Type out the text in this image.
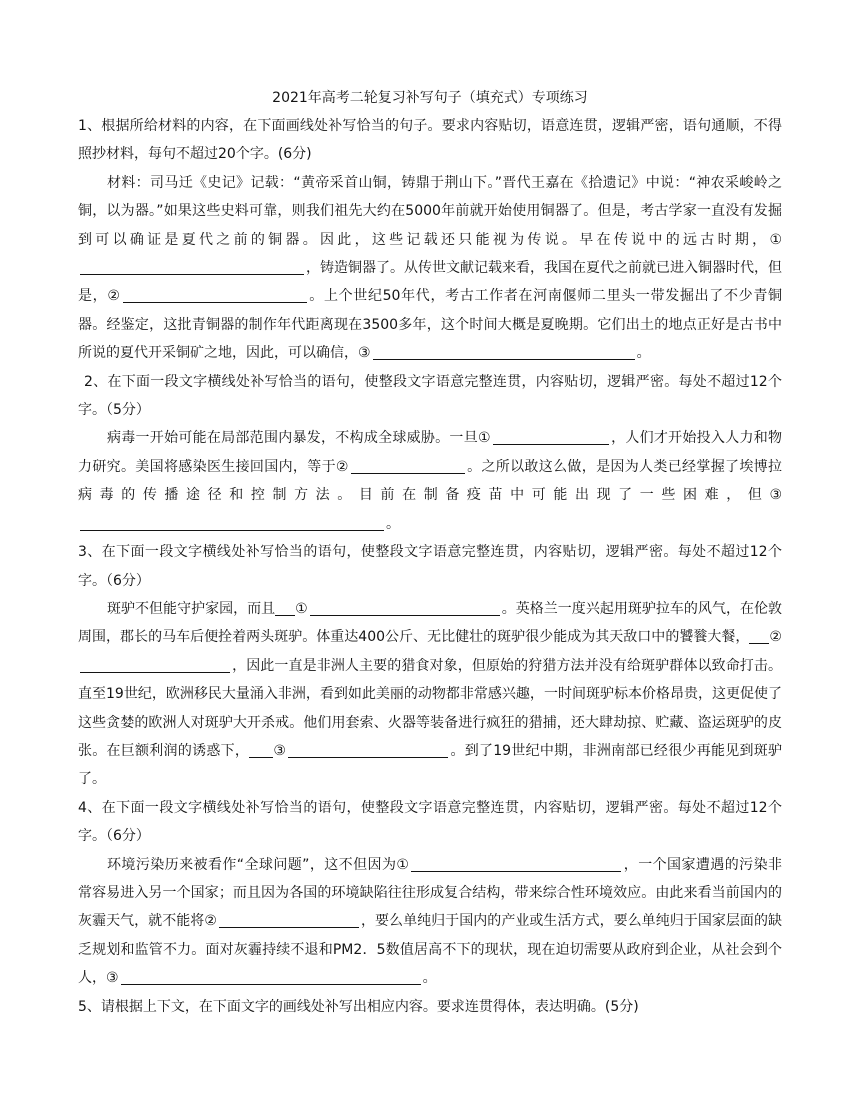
2021年高考二轮复习补写句子（填充式）专项练习

1、根据所给材料的内容，在下面画线处补写恰当的句子。要求内容贴切，语意连贯，逻辑严密，语句通顺，不得照抄材料，每句不超过20个字。(6分)

材料：司马迁《史记》记载：“黄帝采首山铜，铸鼎于荆山下。”晋代王嘉在《拾遗记》中说：“神农采峻岭之铜，以为器。”如果这些史料可靠，则我们祖先大约在5000年前就开始使用铜器了。但是，考古学家一直没有发掘到可以确证是夏代之前的铜器。因此，这些记载还只能视为传说。早在传说中的远古时期，①，铸造铜器了。从传世文献记载来看，我国在夏代之前就已进入铜器时代，但是，②	。上个世纪50年代，考古工作者在河南偃师二里头一带发掘出了不少青铜器。经鉴定，这批青铜器的制作年代距离现在3500多年，这个时间大概是夏晚期。它们出土的地点正好是古书中所说的夏代开采铜矿之地，因此，可以确信，③	。

2、在下面一段文字横线处补写恰当的语句，使整段文字语意完整连贯，内容贴切，逻辑严密。每处不超过12个字。（5分）

病毒一开始可能在局部范围内暴发，不构成全球威胁。一旦①	，人们才开始投入人力和物力研究。美国将感染医生接回国内，等于②	。之所以敢这么做，是因为人类已经掌握了埃博拉病毒的传播途径和控制方法。目前在制备疫苗中可能出现了一些困难，但③。

3、在下面一段文字横线处补写恰当的语句，使整段文字语意完整连贯，内容贴切，逻辑严密。每处不超过12个字。（6分）

斑驴不但能守护家园，而且 ①	。英格兰一度兴起用斑驴拉车的风气，在伦敦周围，郡长的马车后便拴着两头斑驴。体重达400公斤、无比健壮的斑驴很少能成为其天敌口中的饕餮大餐， ②，因此一直是非洲人主要的猎食对象，但原始的狩猎方法并没有给斑驴群体以致命打击。直至19世纪，欧洲移民大量涌入非洲，看到如此美丽的动物都非常感兴趣，一时间斑驴标本价格昂贵，这更促使了这些贪婪的欧洲人对斑驴大开杀戒。他们用套索、火器等装备进行疯狂的猎捕，还大肆劫掠、贮藏、盗运斑驴的皮张。在巨额利润的诱惑下， ③	。到了19世纪中期，非洲南部已经很少再能见到斑驴了。

4、在下面一段文字横线处补写恰当的语句，使整段文字语意完整连贯，内容贴切，逻辑严密。每处不超过12个字。（6分）

环境污染历来被看作“全球问题”，这不但因为①	，一个国家遭遇的污染非常容易进入另一个国家；而且因为各国的环境缺陷往往形成复合结构，带来综合性环境效应。由此来看当前国内的灰霾天气，就不能将②	，要么单纯归于国内的产业或生活方式，要么单纯归于国家层面的缺乏规划和监管不力。面对灰霾持续不退和PM2．5数值居高不下的现状，现在迫切需要从政府到企业，从社会到个人，③	。

5、请根据上下文，在下面文字的画线处补写出相应内容。要求连贯得体，表达明确。(5分)
